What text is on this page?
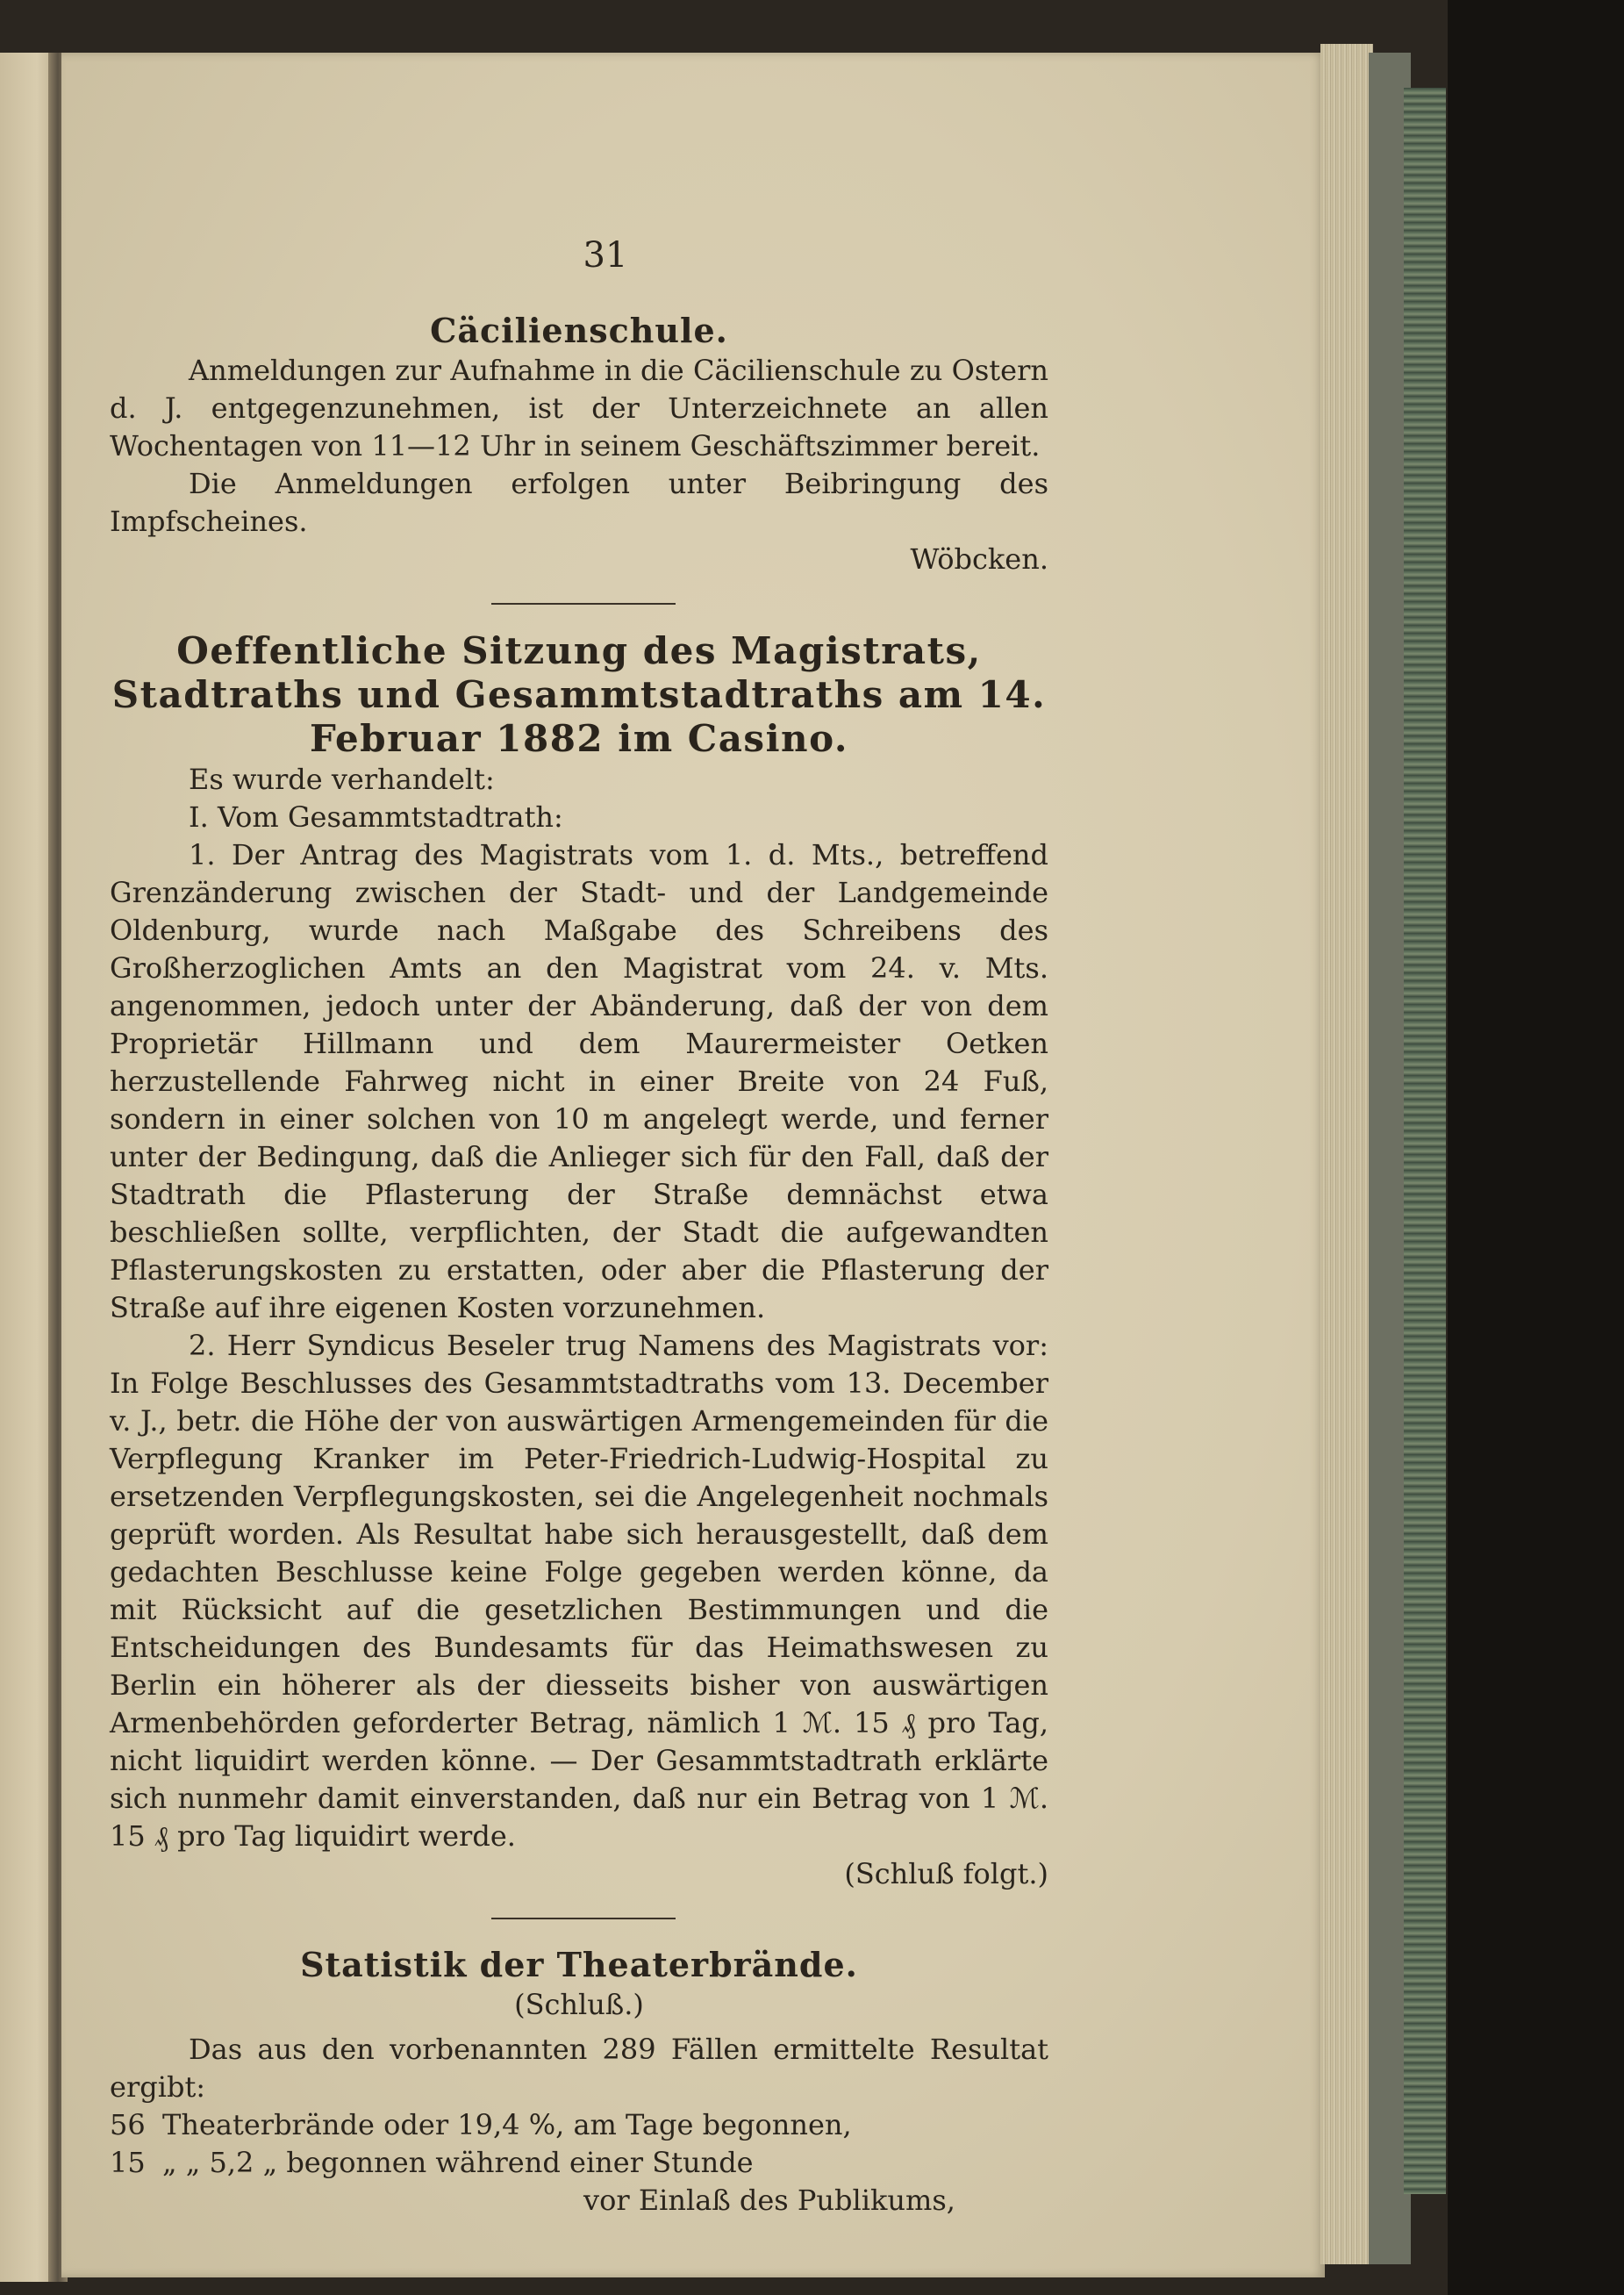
31
Cäcilienschule.
Anmeldungen zur Aufnahme in die Cäcilienschule zu Ostern d. J. entgegenzunehmen, ist der Unterzeichnete an allen Wochentagen von 11—12 Uhr in seinem Geschäftszimmer bereit.
Die Anmeldungen erfolgen unter Beibringung des Impfscheines.
Wöbcken.
Oeffentliche Sitzung des Magistrats, Stadtraths und Gesammtstadtraths am 14. Februar 1882 im Casino.
Es wurde verhandelt:
I. Vom Gesammtstadtrath:
1. Der Antrag des Magistrats vom 1. d. Mts., betreffend Grenzänderung zwischen der Stadt- und der Landgemeinde Oldenburg, wurde nach Maßgabe des Schreibens des Großherzoglichen Amts an den Magistrat vom 24. v. Mts. angenommen, jedoch unter der Abänderung, daß der von dem Proprietär Hillmann und dem Maurermeister Oetken herzustellende Fahrweg nicht in einer Breite von 24 Fuß, sondern in einer solchen von 10 m angelegt werde, und ferner unter der Bedingung, daß die Anlieger sich für den Fall, daß der Stadtrath die Pflasterung der Straße demnächst etwa beschließen sollte, verpflichten, der Stadt die aufgewandten Pflasterungskosten zu erstatten, oder aber die Pflasterung der Straße auf ihre eigenen Kosten vorzunehmen.
2. Herr Syndicus Beseler trug Namens des Magistrats vor: In Folge Beschlusses des Gesammtstadtraths vom 13. December v. J., betr. die Höhe der von auswärtigen Armengemeinden für die Verpflegung Kranker im Peter-Friedrich-Ludwig-Hospital zu ersetzenden Verpflegungskosten, sei die Angelegenheit nochmals geprüft worden. Als Resultat habe sich herausgestellt, daß dem gedachten Beschlusse keine Folge gegeben werden könne, da mit Rücksicht auf die gesetzlichen Bestimmungen und die Entscheidungen des Bundesamts für das Heimathswesen zu Berlin ein höherer als der diesseits bisher von auswärtigen Armenbehörden geforderter Betrag, nämlich 1 ℳ. 15 ₰ pro Tag, nicht liquidirt werden könne. — Der Gesammtstadtrath erklärte sich nunmehr damit einverstanden, daß nur ein Betrag von 1 ℳ. 15 ₰ pro Tag liquidirt werde.
(Schluß folgt.)
Statistik der Theaterbrände.
(Schluß.)
Das aus den vorbenannten 289 Fällen ermittelte Resultat ergibt:
56 Theaterbrände oder 19,4 %, am Tage begonnen,
15 „ „ 5,2 „ begonnen während einer Stunde
vor Einlaß des Publikums,
